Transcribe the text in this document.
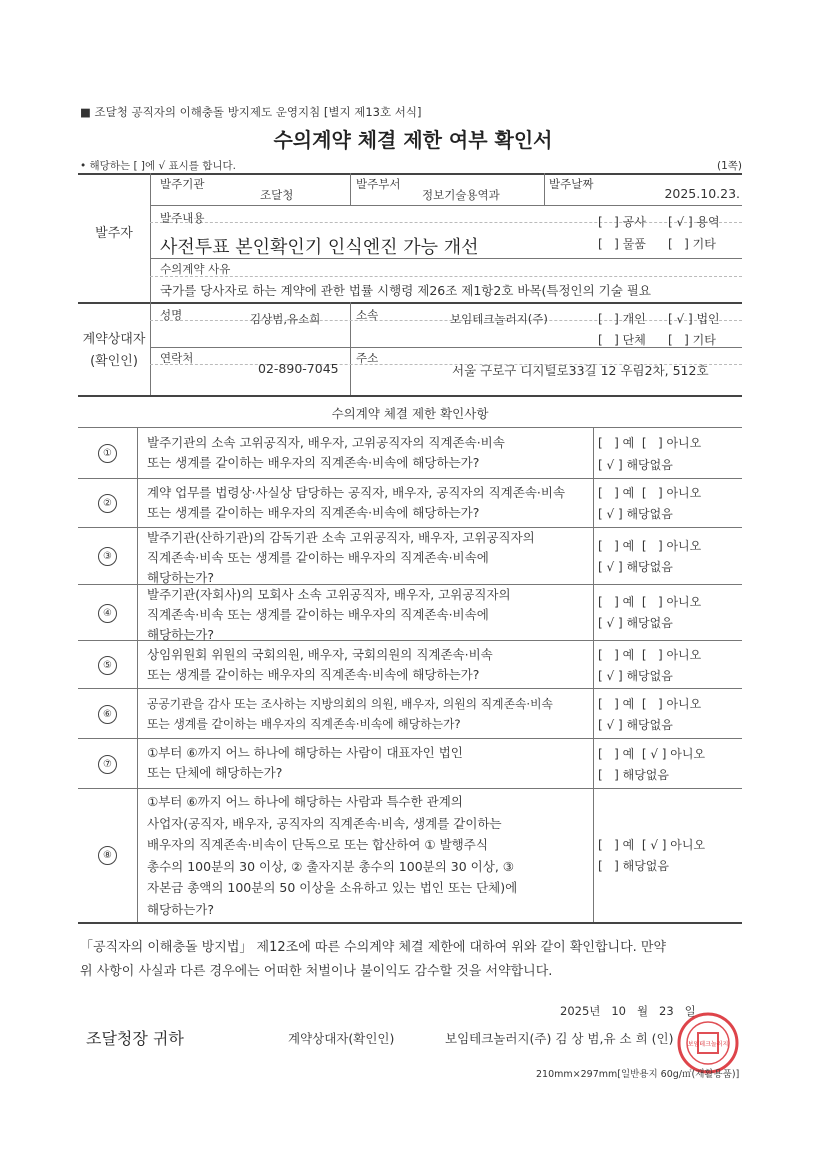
■ 조달청 공직자의 이해충돌 방지제도 운영지침 [별지 제13호 서식]
수의계약 체결 제한 여부 확인서
• 해당하는 [ ]에 √ 표시를 합니다.	(1쪽)
발주자
발주기관
조달청
발주부서
정보기술용역과
발주날짜
2025.10.23.
발주내용
사전투표 본인확인기 인식엔진 가능 개선
[   ] 공사 [ √ ] 용역
[   ] 물품 [   ] 기타
수의계약 사유
국가를 당사자로 하는 계약에 관한 법률 시행령 제26조 제1항2호 바목(특정인의 기술 필요
계약상대자
(확인인)
성명	김상범,유소희	소속	보임테크놀러지(주)	[   ] 개인 [ √ ] 법인
[   ] 단체 [   ] 기타
연락처
02-890-7045
주소
서울 구로구 디지털로33길 12 우림2차, 512호
수의계약 체결 제한 확인사항
①
발주기관의 소속 고위공직자, 배우자, 고위공직자의 직계존속·비속
또는 생계를 같이하는 배우자의 직계존속·비속에 해당하는가?
[   ] 예  [   ] 아니오
[ √ ] 해당없음
②
계약 업무를 법령상·사실상 담당하는 공직자, 배우자, 공직자의 직계존속·비속
또는 생계를 같이하는 배우자의 직계존속·비속에 해당하는가?
[   ] 예  [   ] 아니오
[ √ ] 해당없음
③
발주기관(산하기관)의 감독기관 소속 고위공직자, 배우자, 고위공직자의
직계존속·비속 또는 생계를 같이하는 배우자의 직계존속·비속에
해당하는가?
[   ] 예  [   ] 아니오
[ √ ] 해당없음
④
발주기관(자회사)의 모회사 소속 고위공직자, 배우자, 고위공직자의
직계존속·비속 또는 생계를 같이하는 배우자의 직계존속·비속에
해당하는가?
[   ] 예  [   ] 아니오
[ √ ] 해당없음
⑤
상임위원회 위원의 국회의원, 배우자, 국회의원의 직계존속·비속
또는 생계를 같이하는 배우자의 직계존속·비속에 해당하는가?
[   ] 예  [   ] 아니오
[ √ ] 해당없음
⑥
공공기관을 감사 또는 조사하는 지방의회의 의원, 배우자, 의원의 직계존속·비속
또는 생계를 같이하는 배우자의 직계존속·비속에 해당하는가?
[   ] 예  [   ] 아니오
[ √ ] 해당없음
⑦
①부터 ⑥까지 어느 하나에 해당하는 사람이 대표자인 법인
또는 단체에 해당하는가?
[   ] 예  [ √ ] 아니오
[   ] 해당없음
⑧
①부터 ⑥까지 어느 하나에 해당하는 사람과 특수한 관계의
사업자(공직자, 배우자, 공직자의 직계존속·비속, 생계를 같이하는
배우자의 직계존속·비속이 단독으로 또는 합산하여 ① 발행주식
총수의 100분의 30 이상, ② 출자지분 총수의 100분의 30 이상, ③
자본금 총액의 100분의 50 이상을 소유하고 있는 법인 또는 단체)에
해당하는가?
[   ] 예  [ √ ] 아니오
[   ] 해당없음
「공직자의 이해충돌 방지법」 제12조에 따른 수의계약 체결 제한에 대하여 위와 같이 확인합니다. 만약
위 사항이 사실과 다른 경우에는 어떠한 처벌이나 불이익도 감수할 것을 서약합니다.
2025년 10 월 23 일
조달청장 귀하	계약상대자(확인인)	보임테크놀러지(주) 김 상 범,유 소 희 (인) 보임테크놀러지
210mm×297mm[일반용지 60g/㎡(재활용품)]
